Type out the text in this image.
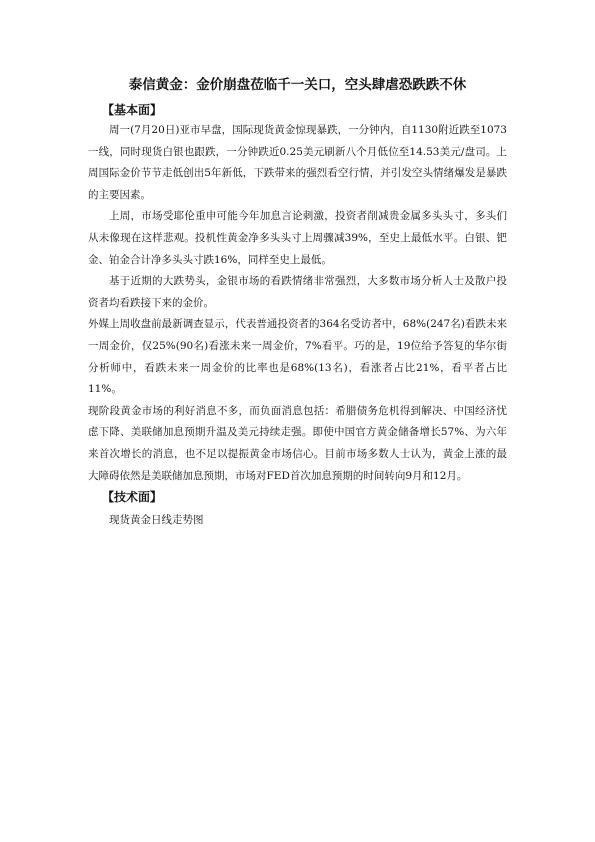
泰信黄金：金价崩盘莅临千一关口，空头肆虐恐跌跌不休
【基本面】

周一(7月20日)亚市早盘，国际现货黄金惊现暴跌，一分钟内，自1130附近跌至1073一线，同时现货白银也跟跌，一分钟跌近0.25美元刷新八个月低位至14.53美元/盘司。上周国际金价节节走低创出5年新低，下跌带来的强烈看空行情，并引发空头情绪爆发是暴跌的主要因素。

上周，市场受耶伦重申可能今年加息言论刺激，投资者削减贵金属多头头寸，多头们从未像现在这样悲观。投机性黄金净多头头寸上周骤减39%，至史上最低水平。白银、钯金、铂金合计净多头头寸跌16%，同样至史上最低。

基于近期的大跌势头，金银市场的看跌情绪非常强烈，大多数市场分析人士及散户投资者均看跌接下来的金价。

外媒上周收盘前最新调查显示，代表普通投资者的364名受访者中，68%(247名)看跌未来一周金价，仅25%(90名)看涨未来一周金价，7%看平。巧的是，19位给予答复的华尔街分析师中，看跌未来一周金价的比率也是68%(13名)，看涨者占比21%，看平者占比11%。

现阶段黄金市场的利好消息不多，而负面消息包括：希腊债务危机得到解决、中国经济忧虑下降、美联储加息预期升温及美元持续走强。即使中国官方黄金储备增长57%、为六年来首次增长的消息，也不足以提振黄金市场信心。目前市场多数人士认为，黄金上涨的最大障碍依然是美联储加息预期，市场对FED首次加息预期的时间转向9月和12月。

【技术面】
现货黄金日线走势图
